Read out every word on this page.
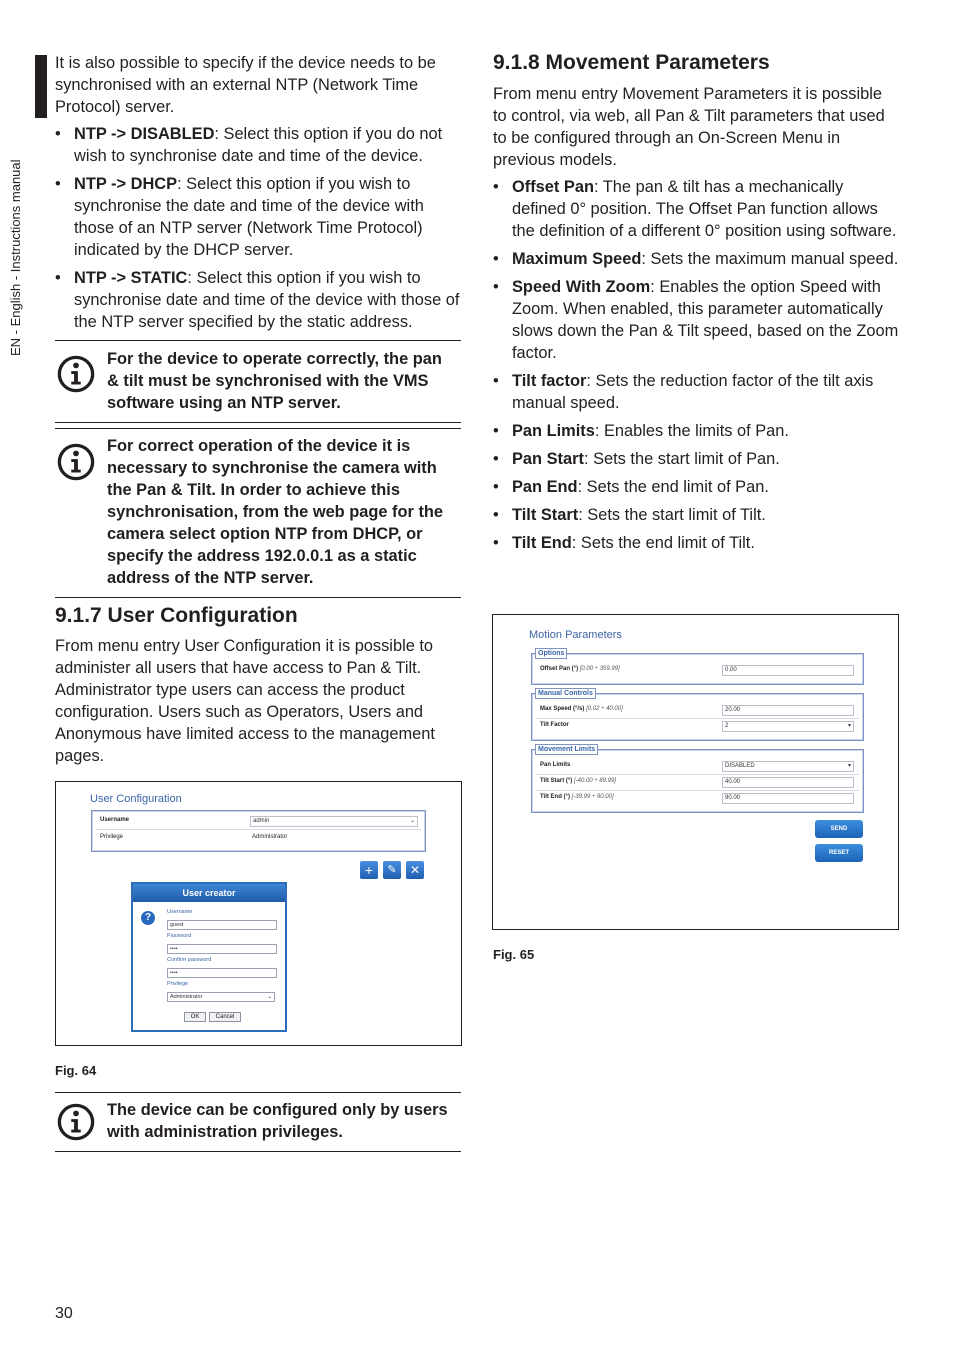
EN - English - Instructions manual
It is also possible to specify if the device needs to be synchronised with an external NTP (Network Time Protocol) server.
• NTP -> DISABLED: Select this option if you do not wish to synchronise date and time of the device.
• NTP -> DHCP: Select this option if you wish to synchronise the date and time of the device with those of an NTP server (Network Time Protocol) indicated by the DHCP server.
• NTP -> STATIC: Select this option if you wish to synchronise date and time of the device with those of the NTP server specified by the static address.
For the device to operate correctly, the pan & tilt must be synchronised with the VMS software using an NTP server.
For correct operation of the device it is necessary to synchronise the camera with the Pan & Tilt. In order to achieve this synchronisation, from the web page for the camera select option NTP from DHCP, or specify the address 192.0.0.1 as a static address of the NTP server.
9.1.7 User Configuration
From menu entry User Configuration it is possible to administer all users that have access to Pan & Tilt. Administrator type users can access the product configuration. Users such as Operators, Users and Anonymous have limited access to the management pages.
User Configuration
Username	admin	⌄
Privilege	Administrator
+	✎	✕
User creator
?	Username
guest
Password
••••
Confirm password
••••
Privilege
Administrator	⌄
OK	Cancel
Fig. 64
The device can be configured only by users with administration privileges.
30
9.1.8 Movement Parameters
From menu entry Movement Parameters it is possible to control, via web, all Pan & Tilt parameters that used to be configured through an On-Screen Menu in previous models.
• Offset Pan: The pan & tilt has a mechanically defined 0° position. The Offset Pan function allows the definition of a different 0° position using software.
• Maximum Speed: Sets the maximum manual speed.
• Speed With Zoom: Enables the option Speed with Zoom. When enabled, this parameter automatically slows down the Pan & Tilt speed, based on the Zoom factor.
• Tilt factor: Sets the reduction factor of the tilt axis manual speed.
• Pan Limits: Enables the limits of Pan.
• Pan Start: Sets the start limit of Pan.
• Pan End: Sets the end limit of Pan.
• Tilt Start: Sets the start limit of Tilt.
• Tilt End: Sets the end limit of Tilt.
Motion Parameters
Options
Offset Pan (°) [0.00 ÷ 359.99]	0.00
Manual Controls
Max Speed (°/s) [0.02 ÷ 40.00]	20.00
Tilt Factor	2	▾
Movement Limits
Pan Limits	DISABLED	▾
Tilt Start (°) [-40.00 ÷ 89.99]	40.00
Tilt End (°) [-39.99 ÷ 90.00]	90.00
SEND
RESET
Fig. 65
